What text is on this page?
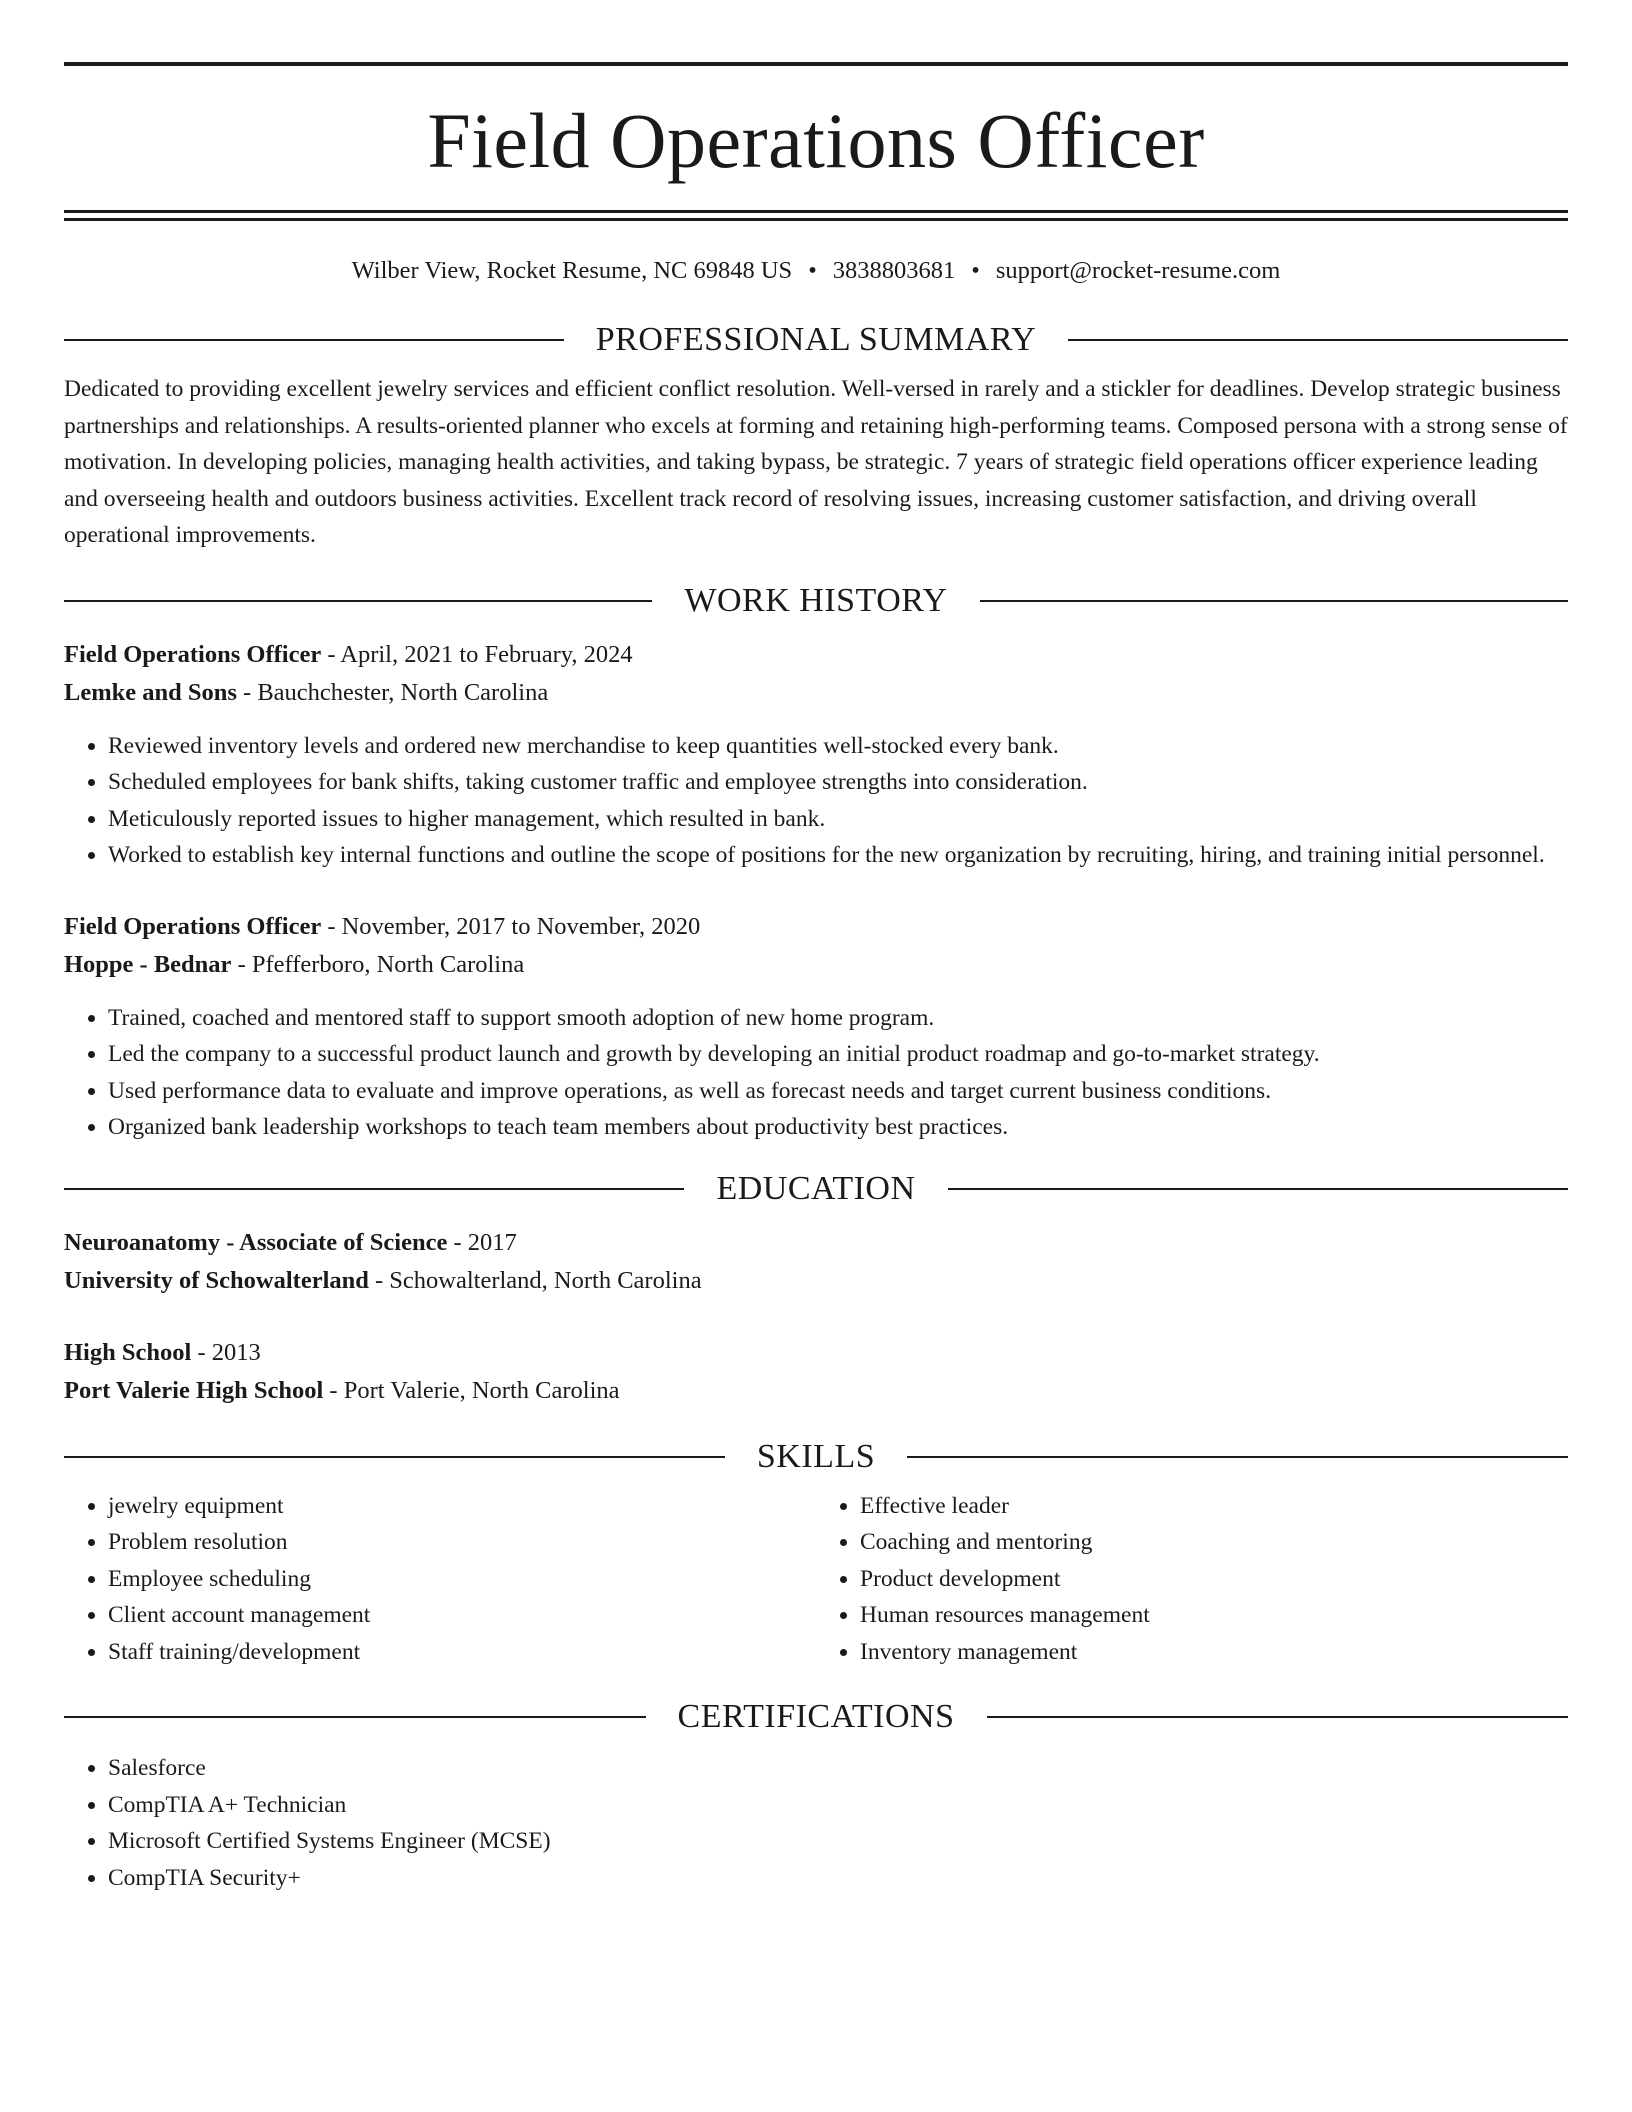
Field Operations Officer
Wilber View, Rocket Resume, NC 69848 US • 3838803681 • support@rocket-resume.com
PROFESSIONAL SUMMARY

Dedicated to providing excellent jewelry services and efficient conflict resolution. Well-versed in rarely and a stickler for deadlines. Develop strategic business partnerships and relationships. A results-oriented planner who excels at forming and retaining high-performing teams. Composed persona with a strong sense of motivation. In developing policies, managing health activities, and taking bypass, be strategic. 7 years of strategic field operations officer experience leading and overseeing health and outdoors business activities. Excellent track record of resolving issues, increasing customer satisfaction, and driving overall operational improvements.

WORK HISTORY
Field Operations Officer - April, 2021 to February, 2024
Lemke and Sons - Bauchchester, North Carolina
• Reviewed inventory levels and ordered new merchandise to keep quantities well-stocked every bank.
• Scheduled employees for bank shifts, taking customer traffic and employee strengths into consideration.
• Meticulously reported issues to higher management, which resulted in bank.
• Worked to establish key internal functions and outline the scope of positions for the new organization by recruiting, hiring, and training initial personnel.
Field Operations Officer - November, 2017 to November, 2020
Hoppe - Bednar - Pfefferboro, North Carolina
• Trained, coached and mentored staff to support smooth adoption of new home program.
• Led the company to a successful product launch and growth by developing an initial product roadmap and go-to-market strategy.
• Used performance data to evaluate and improve operations, as well as forecast needs and target current business conditions.
• Organized bank leadership workshops to teach team members about productivity best practices.
EDUCATION
Neuroanatomy - Associate of Science - 2017
University of Schowalterland - Schowalterland, North Carolina
High School - 2013
Port Valerie High School - Port Valerie, North Carolina
SKILLS
• jewelry equipment
• Problem resolution
• Employee scheduling
• Client account management
• Staff training/development
• Effective leader
• Coaching and mentoring
• Product development
• Human resources management
• Inventory management
CERTIFICATIONS
• Salesforce
• CompTIA A+ Technician
• Microsoft Certified Systems Engineer (MCSE)
• CompTIA Security+
